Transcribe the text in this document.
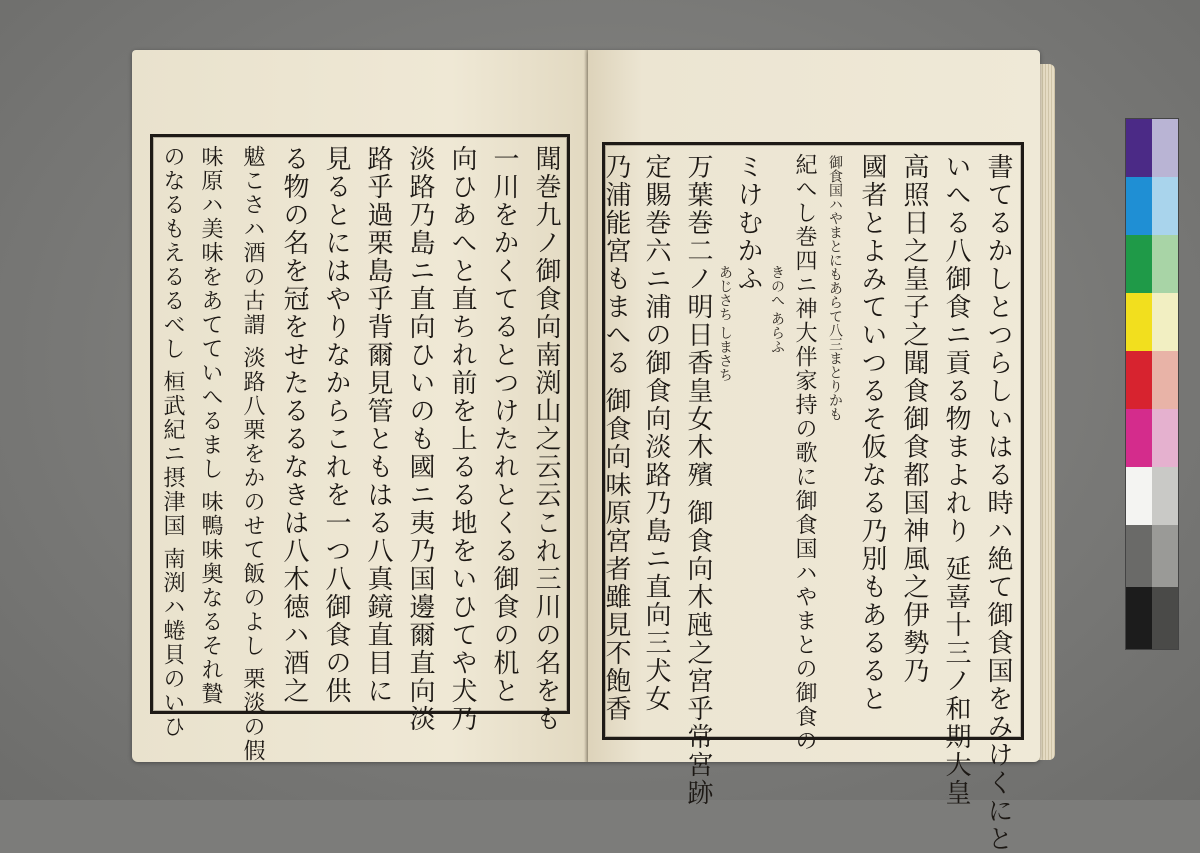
聞巻九ノ御食向南渕山之云云これ三川の名をも
一川をかくてるとつけたれとくる御食の机と
向ひあへと直ちれ前を上るる地をいひてや犬乃
淡路乃島ニ直向ひいのも國ニ夷乃国邊爾直向淡
路乎過栗島乎背爾見管ともはる八真鏡直目に
見るとにはやりなからこれを一つ八御食の供
る物の名を冠をせたるるなきは八木徳ハ酒之
魃こさハ酒の古謂 淡路八栗をかのせて飯のよし 栗淡の假
味原ハ美味をあてていへるまし 味鴨味奥なるそれ贄
のなるもえるるべし 桓武紀ニ摂津国 南渕ハ蜷貝のいひ	書てるかしとつらしいはる時ハ絶て御食国をみけくにと
いへる八御食ニ貢る物まよれり 延喜十三ノ和期大皇
高照日之皇子之聞食御食都国神風之伊勢乃
國者とよみていつるそ仮なる乃別もあるると
御食国ハやまとにもあらて八三まとりかも
紀へし巻四ニ神大伴家持の歌に御食国ハやまとの御食の
きのへ あらふ
ミけむかふ
あじさち しまさち
万葉巻二ノ明日香皇女木殯 御食向木瓲之宮乎常宮跡
定賜巻六ニ浦の御食向淡路乃島ニ直向三犬女
乃浦能宮もまへる 御食向味原宮者雖見不飽香
